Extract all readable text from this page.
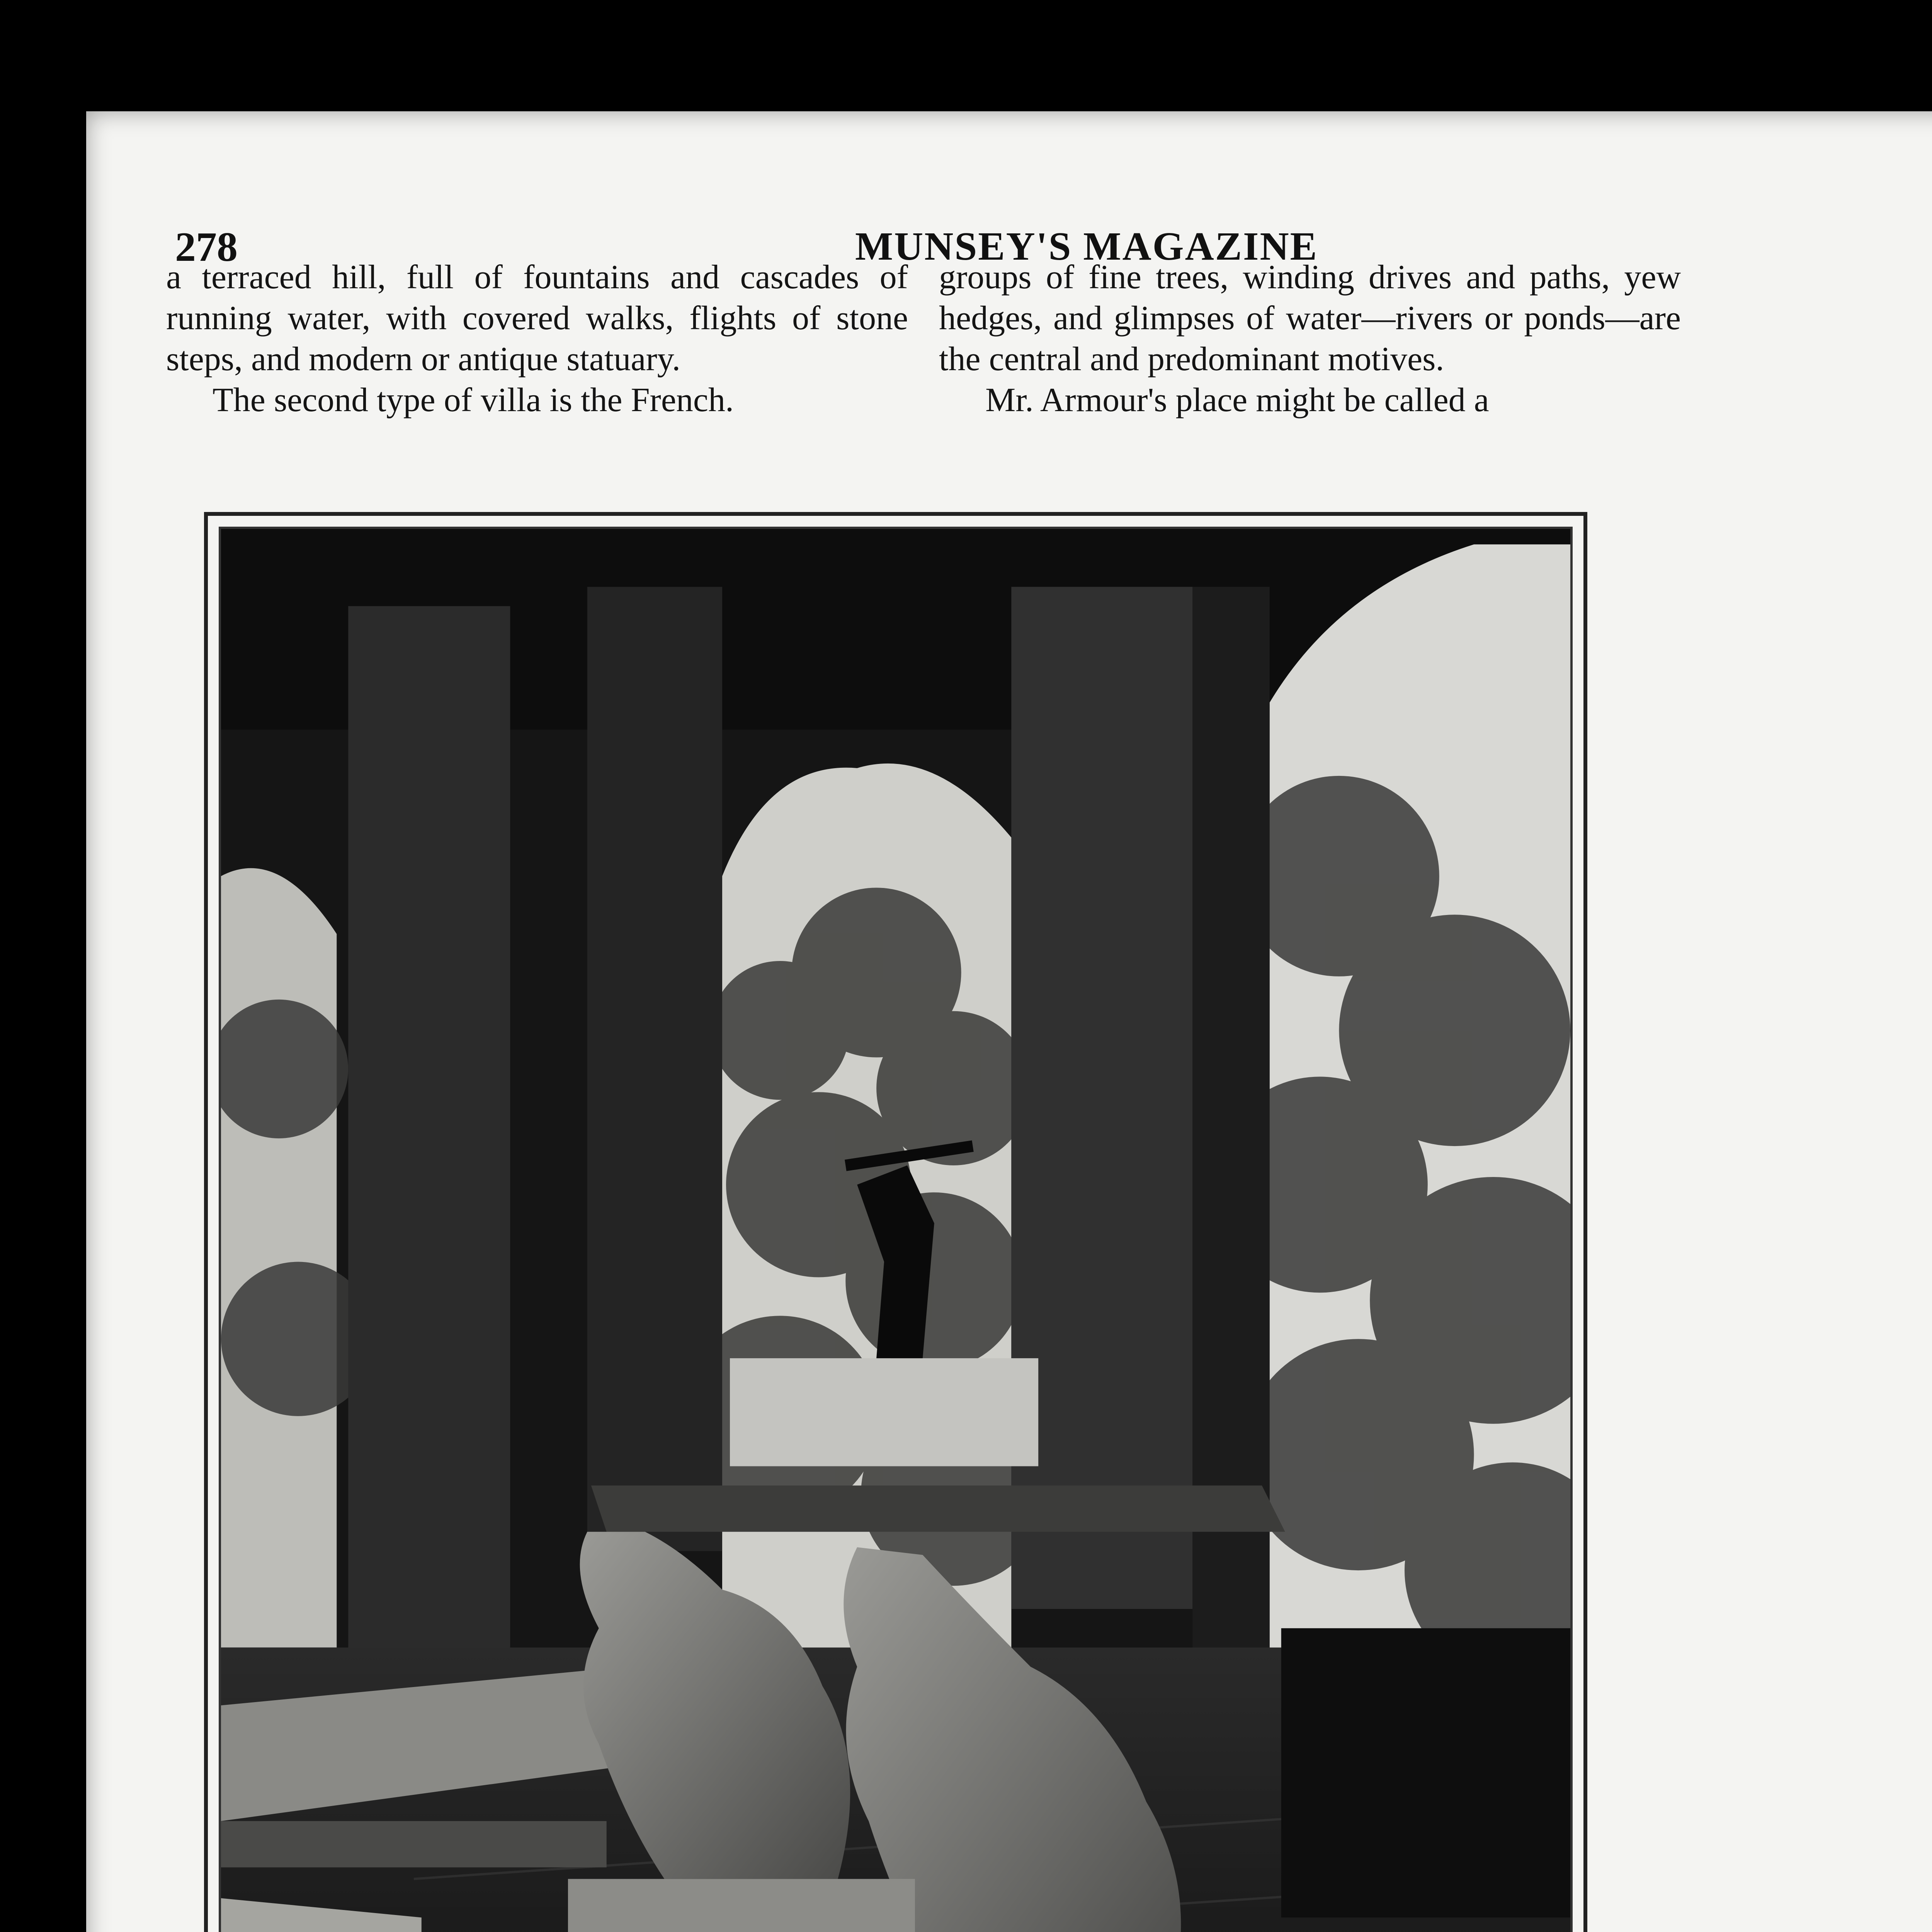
278	MUNSEY'S MAGAZINE

a terraced hill, full of fountains and cascades of running water, with covered walks, flights of stone steps, and modern or antique statuary.

The second type of villa is the French.

groups of fine trees, winding drives and paths, yew hedges, and glimpses of water—rivers or ponds—are the central and predominant motives.

Mr. Armour's place might be called a
